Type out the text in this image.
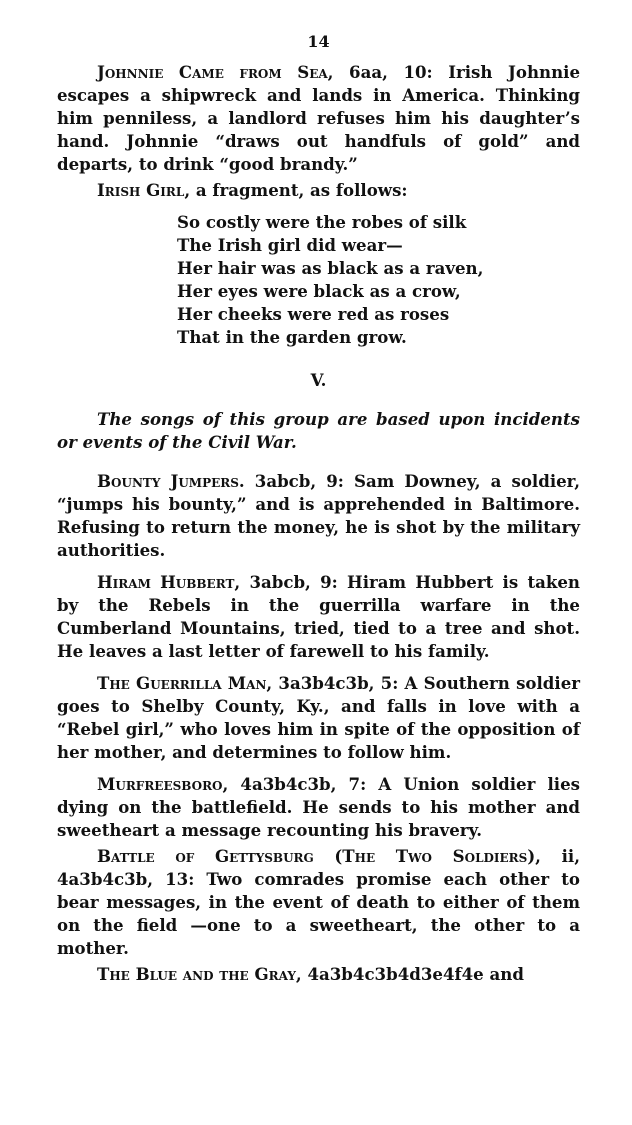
14

Johnnie Came from Sea, 6aa, 10: Irish Johnnie escapes a shipwreck and lands in America. Thinking him penniless, a landlord refuses him his daughter’s hand. Johnnie “draws out handfuls of gold” and departs, to drink “good brandy.”

Irish Girl, a fragment, as follows:

So costly were the robes of silk
The Irish girl did wear—
Her hair was as black as a raven,
Her eyes were black as a crow,
Her cheeks were red as roses
That in the garden grow.
V.

The songs of this group are based upon incidents or events of the Civil War.

Bounty Jumpers. 3abcb, 9: Sam Downey, a soldier, “jumps his bounty,” and is apprehended in Baltimore. Refusing to return the money, he is shot by the military authorities.

Hiram Hubbert, 3abcb, 9: Hiram Hubbert is taken by the Rebels in the guerrilla warfare in the Cumberland Mountains, tried, tied to a tree and shot. He leaves a last letter of farewell to his family.

The Guerrilla Man, 3a3b4c3b, 5: A Southern soldier goes to Shelby County, Ky., and falls in love with a “Rebel girl,” who loves him in spite of the opposition of her mother, and determines to follow him.

Murfreesboro, 4a3b4c3b, 7: A Union soldier lies dying on the battlefield. He sends to his mother and sweetheart a message recounting his bravery.

Battle of Gettysburg (The Two Soldiers), ii, 4a3b4c3b, 13: Two comrades promise each other to bear messages, in the event of death to either of them on the field —one to a sweetheart, the other to a mother.

The Blue and the Gray, 4a3b4c3b4d3e4f4e and
